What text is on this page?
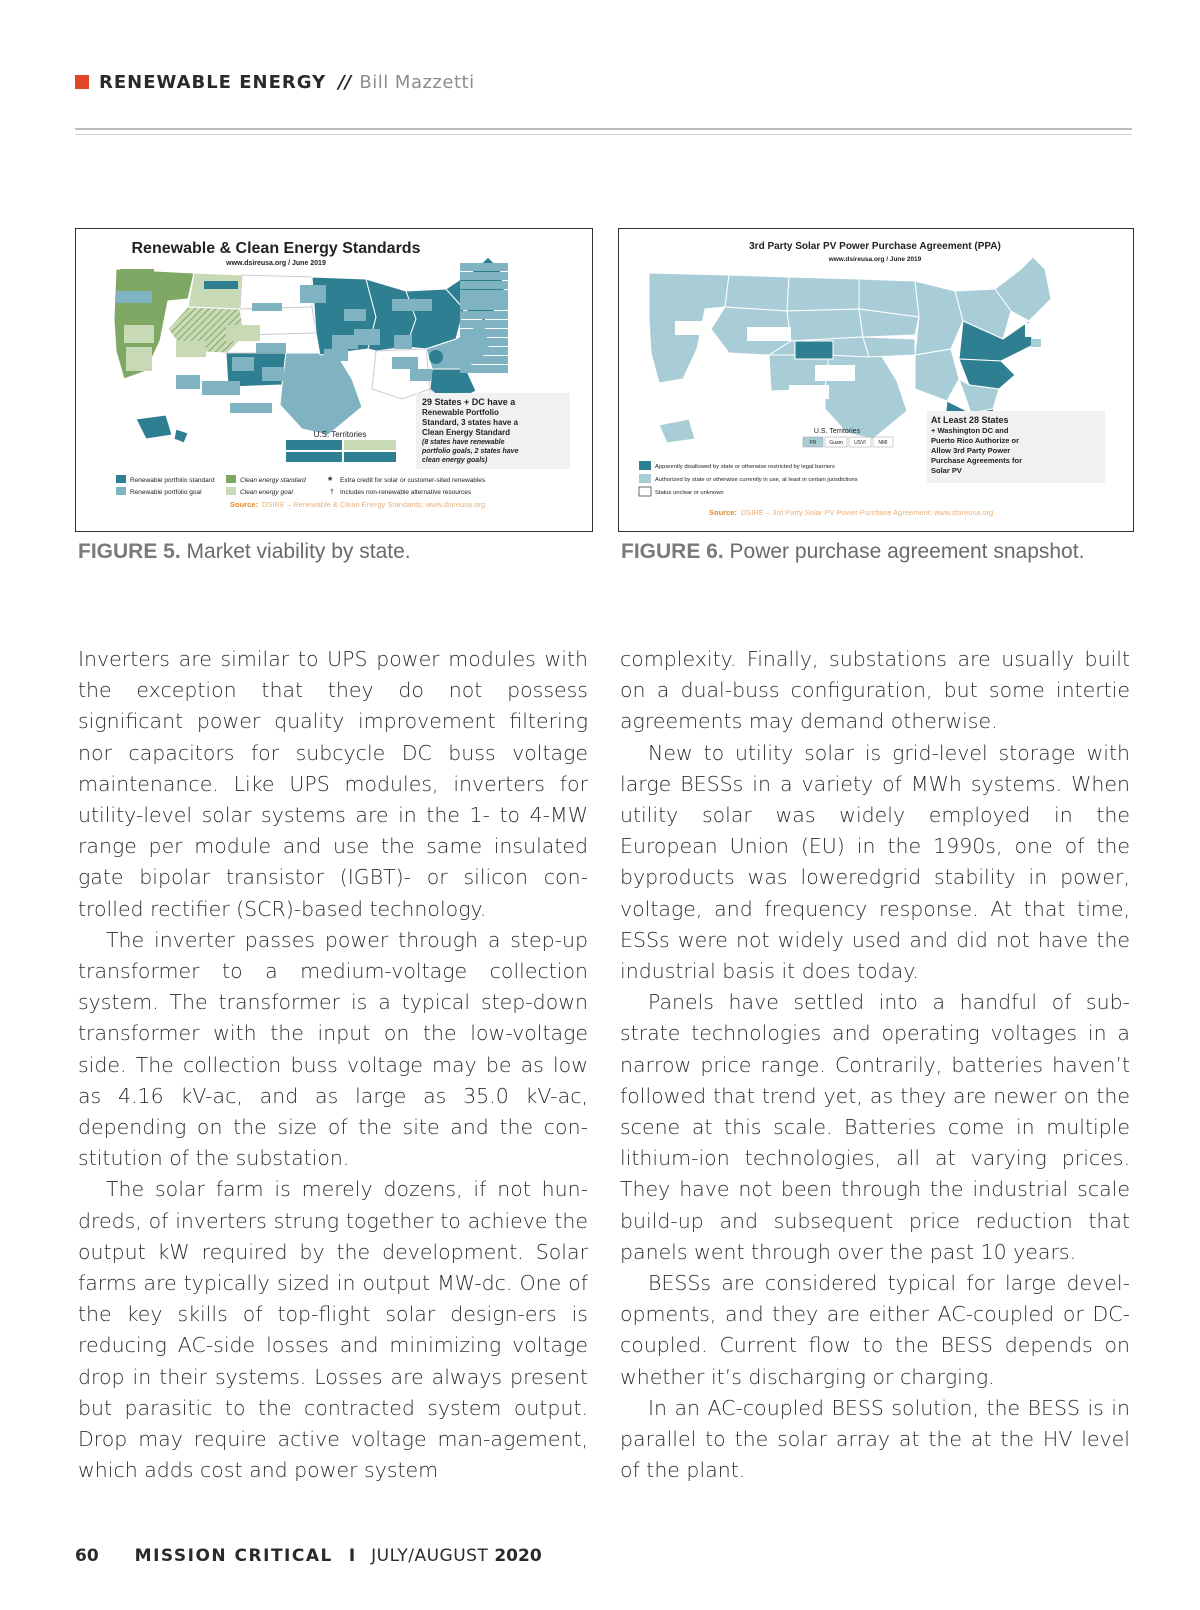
RENEWABLE ENERGY // Bill Mazzetti
Renewable & Clean Energy Standards
www.dsireusa.org / June 2019
29 States + DC have a
Renewable Portfolio
Standard, 3 states have a
Clean Energy Standard
(8 states have renewable
portfolio goals, 2 states have
clean energy goals)
U.S. Territories
Renewable portfolio standard
Renewable portfolio goal
Clean energy standard
Clean energy goal
* Extra credit for solar or customer-sited renewables
† Includes non-renewable alternative resources
Source: DSIRE – Renewable & Clean Energy Standards; www.dsireusa.org
FIGURE 5. Market viability by state.
3rd Party Solar PV Power Purchase Agreement (PPA)
www.dsireusa.org / June 2019
At Least 28 States
+ Washington DC and
Puerto Rico Authorize or
Allow 3rd Party Power
Purchase Agreements for
Solar PV
U.S. Territories
PR	Guam USVI	NMI
Apparently disallowed by state or otherwise restricted by legal barriers
Authorized by state or otherwise currently in use, at least in certain jurisdictions
Status unclear or unknown
Source: DSIRE – 3rd Party Solar PV Power Purchase Agreement; www.dsireusa.org
FIGURE 6. Power purchase agreement snapshot.

Inverters are similar to UPS power modules with the exception that they do not possess significant power quality improvement filtering nor capacitors for subcycle DC buss voltage maintenance. Like UPS modules, inverters for utility-level solar systems are in the 1- to 4-MW range per module and use the same insulated gate bipolar transistor (IGBT)- or silicon con-trolled rectifier (SCR)-based technology.

The inverter passes power through a step-up transformer to a medium-voltage collection system. The transformer is a typical step-down transformer with the input on the low-voltage side. The collection buss voltage may be as low as 4.16 kV-ac, and as large as 35.0 kV-ac, depending on the size of the site and the con-stitution of the substation.

The solar farm is merely dozens, if not hun-dreds, of inverters strung together to achieve the output kW required by the development. Solar farms are typically sized in output MW-dc. One of the key skills of top-flight solar design-ers is reducing AC-side losses and minimizing voltage drop in their systems. Losses are always present but parasitic to the contracted system output. Drop may require active voltage man-agement, which adds cost and power system

complexity. Finally, substations are usually built on a dual-buss configuration, but some intertie agreements may demand otherwise.

New to utility solar is grid-level storage with large BESSs in a variety of MWh systems. When utility solar was widely employed in the European Union (EU) in the 1990s, one of the byproducts was loweredgrid stability in power, voltage, and frequency response. At that time, ESSs were not widely used and did not have the industrial basis it does today.

Panels have settled into a handful of sub-strate technologies and operating voltages in a narrow price range. Contrarily, batteries haven’t followed that trend yet, as they are newer on the scene at this scale. Batteries come in multiple lithium-ion technologies, all at varying prices. They have not been through the industrial scale build-up and subsequent price reduction that panels went through over the past 10 years.

BESSs are considered typical for large devel-opments, and they are either AC-coupled or DC-coupled. Current flow to the BESS depends on whether it’s discharging or charging.

In an AC-coupled BESS solution, the BESS is in parallel to the solar array at the at the HV level of the plant.

60 MISSION CRITICAL I JULY/AUGUST 2020
